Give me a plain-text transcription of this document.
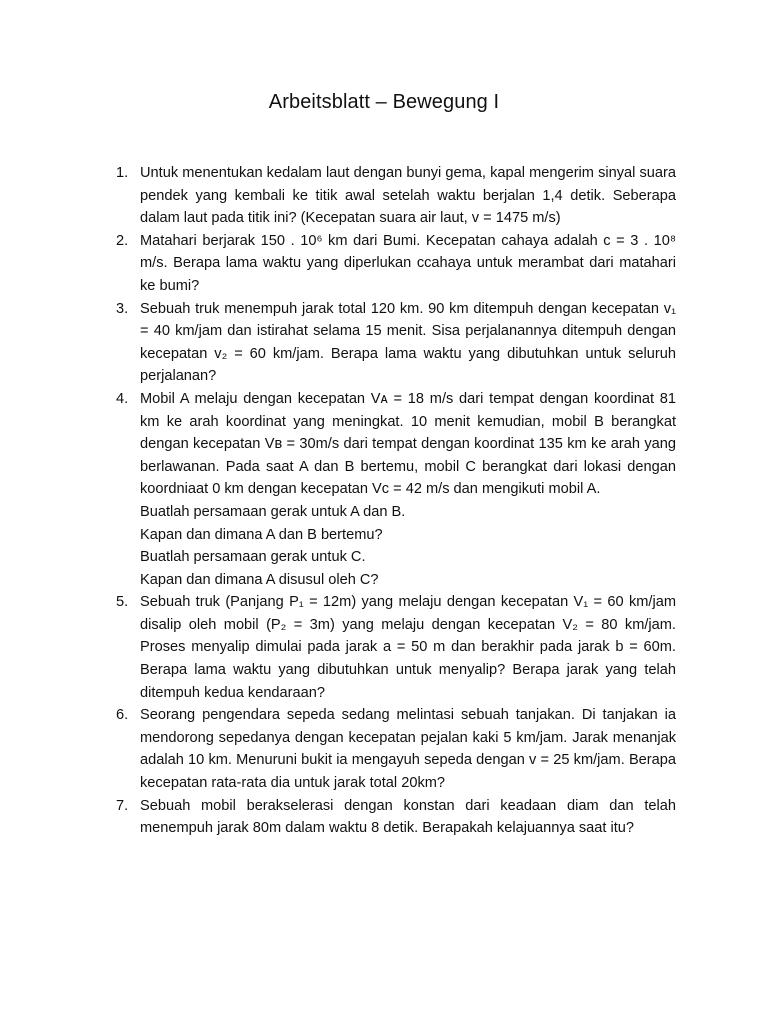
Arbeitsblatt – Bewegung I
1. Untuk menentukan kedalam laut dengan bunyi gema, kapal mengerim sinyal suara pendek yang kembali ke titik awal setelah waktu berjalan 1,4 detik. Seberapa dalam laut pada titik ini? (Kecepatan suara air laut, v = 1475 m/s)
2. Matahari berjarak 150 . 10⁶ km dari Bumi. Kecepatan cahaya adalah c = 3 . 10⁸ m/s. Berapa lama waktu yang diperlukan ccahaya untuk merambat dari matahari ke bumi?
3. Sebuah truk menempuh jarak total 120 km. 90 km ditempuh dengan kecepatan v₁ = 40 km/jam dan istirahat selama 15 menit. Sisa perjalanannya ditempuh dengan kecepatan v₂ = 60 km/jam. Berapa lama waktu yang dibutuhkan untuk seluruh perjalanan?
4. Mobil A melaju dengan kecepatan Vᴀ = 18 m/s dari tempat dengan koordinat 81 km ke arah koordinat yang meningkat. 10 menit kemudian, mobil B berangkat dengan kecepatan Vʙ = 30m/s dari tempat dengan koordinat 135 km ke arah yang berlawanan. Pada saat A dan B bertemu, mobil C berangkat dari lokasi dengan koordniaat 0 km dengan kecepatan Vc = 42 m/s dan mengikuti mobil A.
Buatlah persamaan gerak untuk A dan B.
Kapan dan dimana A dan B bertemu?
Buatlah persamaan gerak untuk C.
Kapan dan dimana A disusul oleh C?
5. Sebuah truk (Panjang P₁ = 12m) yang melaju dengan kecepatan V₁ = 60 km/jam disalip oleh mobil (P₂ = 3m) yang melaju dengan kecepatan V₂ = 80 km/jam. Proses menyalip dimulai pada jarak a = 50 m dan berakhir pada jarak b = 60m. Berapa lama waktu yang dibutuhkan untuk menyalip? Berapa jarak yang telah ditempuh kedua kendaraan?
6. Seorang pengendara sepeda sedang melintasi sebuah tanjakan. Di tanjakan ia mendorong sepedanya dengan kecepatan pejalan kaki 5 km/jam. Jarak menanjak adalah 10 km. Menuruni bukit ia mengayuh sepeda dengan v = 25 km/jam. Berapa kecepatan rata-rata dia untuk jarak total 20km?
7. Sebuah mobil berakselerasi dengan konstan dari keadaan diam dan telah menempuh jarak 80m dalam waktu 8 detik. Berapakah kelajuannya saat itu?
